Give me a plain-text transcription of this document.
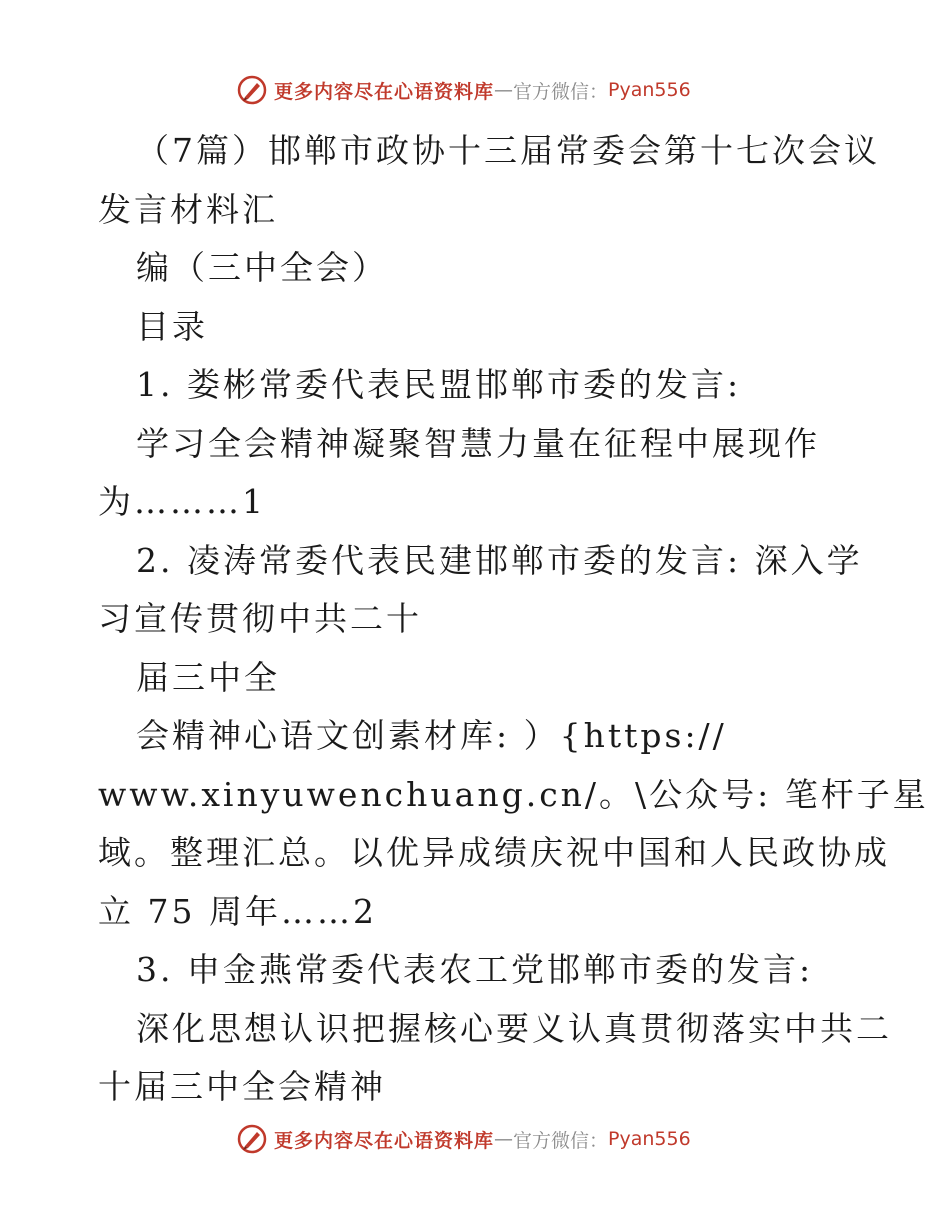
更多内容尽在心语资料库 — 官方微信： Pyan556
（7篇）邯郸市政协十三届常委会第十七次会议
发言材料汇
编（三中全会）
目录
1. 娄彬常委代表民盟邯郸市委的发言:
学习全会精神凝聚智慧力量在征程中展现作
为………1
2. 凌涛常委代表民建邯郸市委的发言: 深入学
习宣传贯彻中共二十
届三中全
会精神心语文创素材库: ）{https://
www.xinyuwenchuang.cn/。\公众号: 笔杆子星
域。整理汇总。以优异成绩庆祝中国和人民政协成
立 75 周年……2
3. 申金燕常委代表农工党邯郸市委的发言:
深化思想认识把握核心要义认真贯彻落实中共二
十届三中全会精神
更多内容尽在心语资料库 — 官方微信： Pyan556
